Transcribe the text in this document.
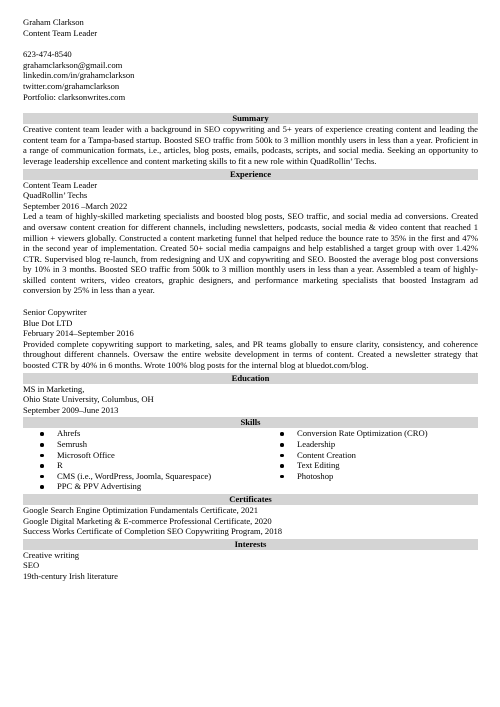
Graham Clarkson
Content Team Leader
623-474-8540
grahamclarkson@gmail.com
linkedin.com/in/grahamclarkson
twitter.com/grahamclarkson
Portfolio: clarksonwrites.com
Summary
Creative content team leader with a background in SEO copywriting and 5+ years of experience creating content and leading the content team for a Tampa-based startup. Boosted SEO traffic from 500k to 3 million monthly users in less than a year. Proficient in a range of communication formats, i.e., articles, blog posts, emails, podcasts, scripts, and social media. Seeking an opportunity to leverage leadership excellence and content marketing skills to fit a new role within QuadRollin’ Techs.
Experience
Content Team Leader
QuadRollin’ Techs
September 2016 –March 2022
Led a team of highly-skilled marketing specialists and boosted blog posts, SEO traffic, and social media ad conversions. Created and oversaw content creation for different channels, including newsletters, podcasts, social media & video content that reached 1 million + viewers globally. Constructed a content marketing funnel that helped reduce the bounce rate to 35% in the first and 47% in the second year of implementation. Created 50+ social media campaigns and help established a target group with over 1.42% CTR. Supervised blog re-launch, from redesigning and UX and copywriting and SEO. Boosted the average blog post conversions by 10% in 3 months. Boosted SEO traffic from 500k to 3 million monthly users in less than a year. Assembled a team of highly-skilled content writers, video creators, graphic designers, and performance marketing specialists that boosted Instagram ad conversion by 25% in less than a year.
Senior Copywriter
Blue Dot LTD
February 2014–September 2016
Provided complete copywriting support to marketing, sales, and PR teams globally to ensure clarity, consistency, and coherence throughout different channels. Oversaw the entire website development in terms of content. Created a newsletter strategy that boosted CTR by 40% in 6 months. Wrote 100% blog posts for the internal blog at bluedot.com/blog.
Education
MS in Marketing,
Ohio State University, Columbus, OH
September 2009–June 2013
Skills
Ahrefs
Semrush
Microsoft Office
R
CMS (i.e., WordPress, Joomla, Squarespace)
PPC & PPV Advertising
Conversion Rate Optimization (CRO)
Leadership
Content Creation
Text Editing
Photoshop
Certificates
Google Search Engine Optimization Fundamentals Certificate, 2021
Google Digital Marketing & E-commerce Professional Certificate, 2020
Success Works Certificate of Completion SEO Copywriting Program, 2018
Interests
Creative writing
SEO
19th-century Irish literature
